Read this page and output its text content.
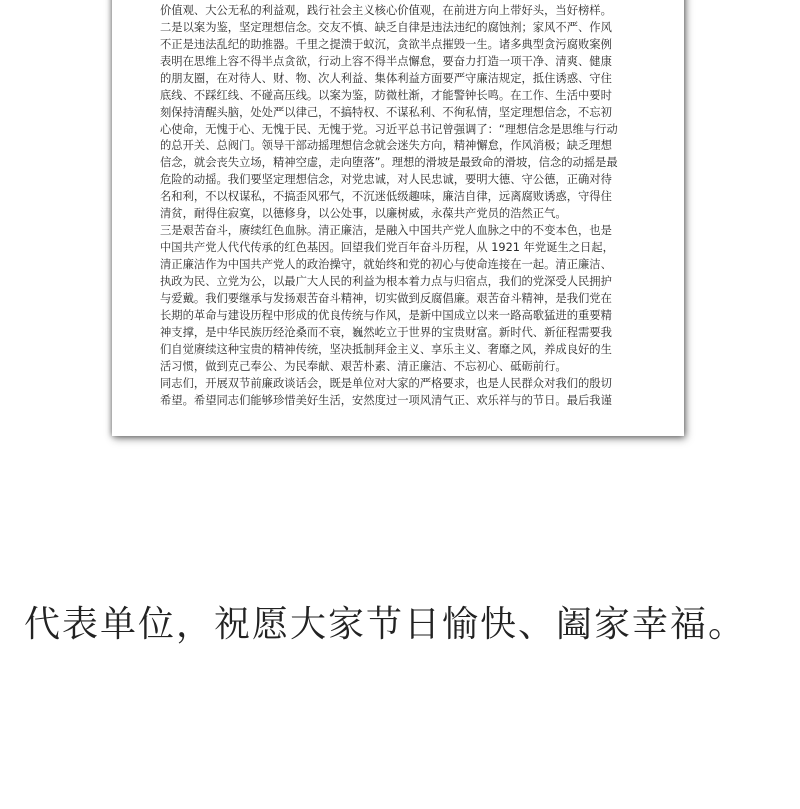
价值观、大公无私的利益观，践行社会主义核心价值观，在前进方向上带好头，当好榜样。
二是以案为鉴，坚定理想信念。交友不慎、缺乏自律是违法违纪的腐蚀剂；家风不严、作风
不正是违法乱纪的助推器。千里之提溃于蚁沉，贪欲半点摧毁一生。诸多典型贪污腐败案例
表明在思维上容不得半点贪欲，行动上容不得半点懈怠，要奋力打造一项干净、清爽、健康
的朋友圈，在对待人、财、物、次人利益、集体利益方面要严守廉洁规定，抵住诱惑、守住
底线、不踩红线、不碰高压线。以案为鉴，防微杜渐，才能警钟长鸣。在工作、生活中要时
刻保持清醒头脑，处处严以律己，不搞特权、不谋私利、不徇私情，坚定理想信念，不忘初
心使命，无愧于心、无愧于民、无愧于党。习近平总书记曾强调了：“理想信念是思维与行动
的总开关、总阀门。领导干部动摇理想信念就会迷失方向，精神懈怠，作风消极；缺乏理想
信念，就会丧失立场，精神空虚，走向堕落”。理想的滑坡是最致命的滑坡，信念的动摇是最
危险的动摇。我们要坚定理想信念，对党忠诚，对人民忠诚，要明大德、守公德，正确对待
名和利，不以权谋私，不搞歪风邪气，不沉迷低级趣味，廉洁自律，远离腐败诱惑，守得住
清贫，耐得住寂寞，以德修身，以公处事，以廉树威，永葆共产党员的浩然正气。
三是艰苦奋斗，赓续红色血脉。清正廉洁，是融入中国共产党人血脉之中的不变本色，也是
中国共产党人代代传承的红色基因。回望我们党百年奋斗历程，从 1921 年党诞生之日起，
清正廉洁作为中国共产党人的政治操守，就始终和党的初心与使命连接在一起。清正廉洁、
执政为民、立党为公，以最广大人民的利益为根本着力点与归宿点，我们的党深受人民拥护
与爱戴。我们要继承与发扬艰苦奋斗精神，切实做到反腐倡廉。艰苦奋斗精神，是我们党在
长期的革命与建设历程中形成的优良传统与作风，是新中国成立以来一路高歌猛进的重要精
神支撑，是中华民族历经沧桑而不衰，巍然屹立于世界的宝贵财富。新时代、新征程需要我
们自觉赓续这种宝贵的精神传统，坚决抵制拜金主义、享乐主义、奢靡之风，养成良好的生
活习惯，做到克己奉公、为民奉献、艰苦朴素、清正廉洁、不忘初心、砥砺前行。
同志们，开展双节前廉政谈话会，既是单位对大家的严格要求，也是人民群众对我们的殷切
希望。希望同志们能够珍惜美好生活，安然度过一项风清气正、欢乐祥与的节日。最后我谨
代表单位，祝愿大家节日愉快、阖家幸福。
